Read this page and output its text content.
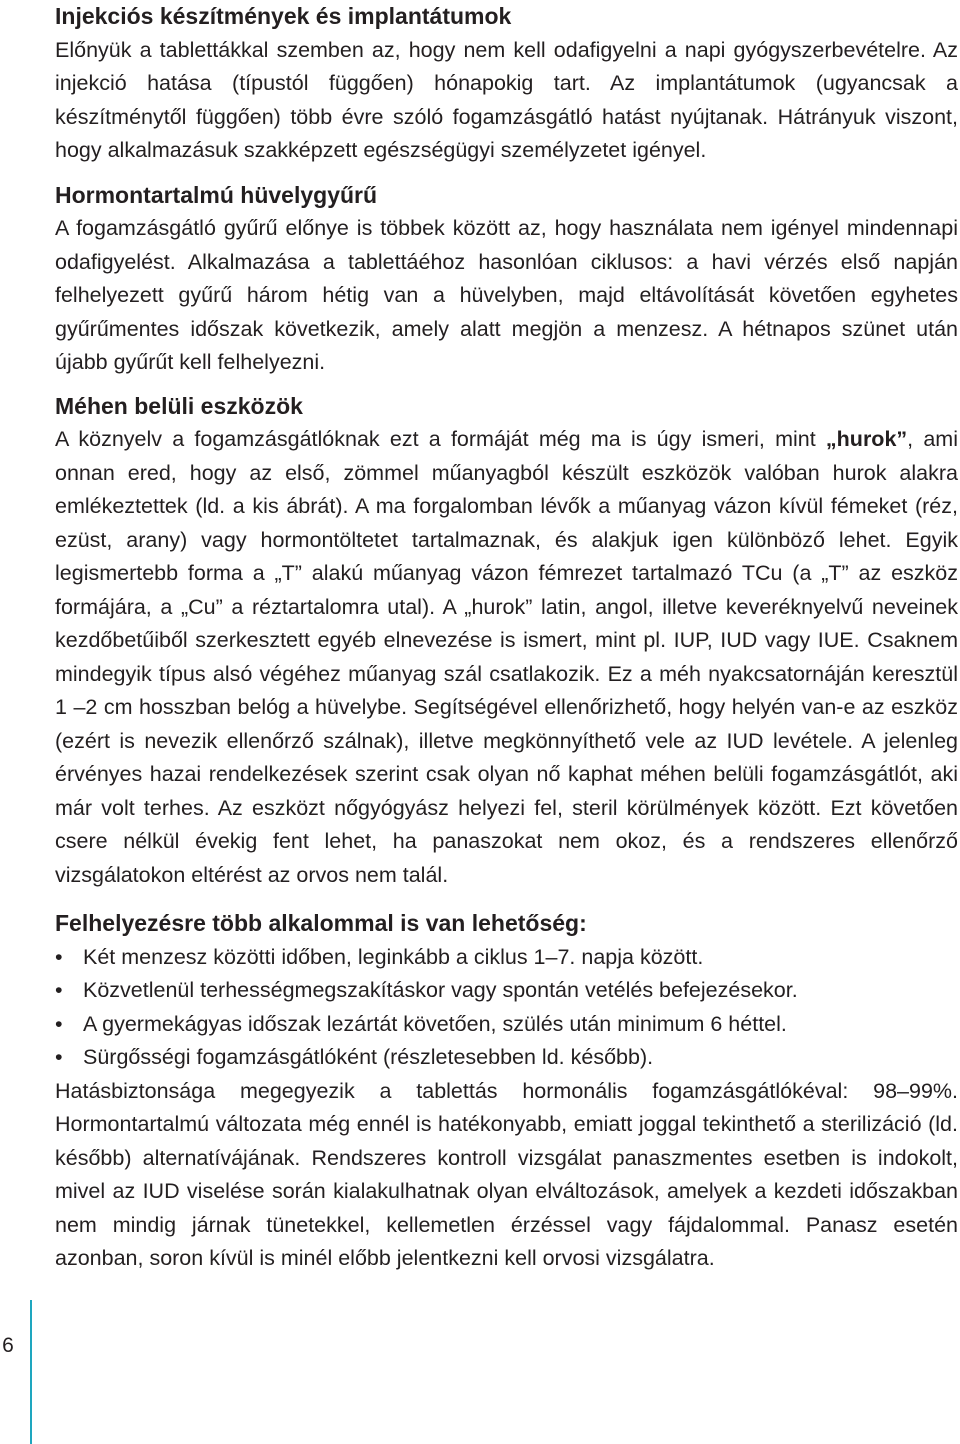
Injekciós készítmények és implantátumok

Előnyük a tablettákkal szemben az, hogy nem kell odafigyelni a napi gyógyszerbevételre. Az injekció hatása (típustól függően) hónapokig tart. Az implantátumok (ugyancsak a készítménytől függően) több évre szóló fogamzásgátló hatást nyújtanak. Hátrányuk viszont, hogy alkalmazásuk szakképzett egészségügyi személyzetet igényel.

Hormontartalmú hüvelygyűrű

A fogamzásgátló gyűrű előnye is többek között az, hogy használata nem igényel mindennapi odafigyelést. Alkalmazása a tablettáéhoz hasonlóan ciklusos: a havi vérzés első napján felhelyezett gyűrű három hétig van a hüvelyben, majd eltávolítását követően egyhetes gyűrűmentes időszak következik, amely alatt megjön a menzesz. A hétnapos szünet után újabb gyűrűt kell felhelyezni.

Méhen belüli eszközök

A köznyelv a fogamzásgátlóknak ezt a formáját még ma is úgy ismeri, mint „hurok”, ami onnan ered, hogy az első, zömmel műanyagból készült eszközök valóban hurok alakra emlékeztettek (ld. a kis ábrát). A ma forgalomban lévők a műanyag vázon kívül fémeket (réz, ezüst, arany) vagy hormontöltetet tartalmaznak, és alakjuk igen különböző lehet. Egyik legismertebb forma a „T” alakú műanyag vázon fémrezet tartalmazó TCu (a „T” az eszköz formájára, a „Cu” a réztartalomra utal). A „hurok” latin, angol, illetve keveréknyelvű neveinek kezdőbetűiből szerkesztett egyéb elnevezése is ismert, mint pl. IUP, IUD vagy IUE. Csaknem mindegyik típus alsó végéhez műanyag szál csatlakozik. Ez a méh nyakcsatornáján keresztül 1 –2 cm hosszban belóg a hüvelybe. Segítségével ellenőrizhető, hogy helyén van-e az eszköz (ezért is nevezik ellenőrző szálnak), illetve megkönnyíthető vele az IUD levétele. A jelenleg érvényes hazai rendelkezések szerint csak olyan nő kaphat méhen belüli fogamzásgátlót, aki már volt terhes. Az eszközt nőgyógyász helyezi fel, steril körülmények között. Ezt követően csere nélkül évekig fent lehet, ha panaszokat nem okoz, és a rendszeres ellenőrző vizsgálatokon eltérést az orvos nem talál.

Felhelyezésre több alkalommal is van lehetőség:
• Két menzesz közötti időben, leginkább a ciklus 1–7. napja között.
• Közvetlenül terhességmegszakításkor vagy spontán vetélés befejezésekor.
• A gyermekágyas időszak lezártát követően, szülés után minimum 6 héttel.
• Sürgősségi fogamzásgátlóként (részletesebben ld. később).

Hatásbiztonsága megegyezik a tablettás hormonális fogamzásgátlókéval: 98–99%. Hormontartalmú változata még ennél is hatékonyabb, emiatt joggal tekinthető a sterilizáció (ld. később) alternatívájának. Rendszeres kontroll vizsgálat panaszmentes esetben is indokolt, mivel az IUD viselése során kialakulhatnak olyan elváltozások, amelyek a kezdeti időszakban nem mindig járnak tünetekkel, kellemetlen érzéssel vagy fájdalommal. Panasz esetén azonban, soron kívül is minél előbb jelentkezni kell orvosi vizsgálatra.

6
